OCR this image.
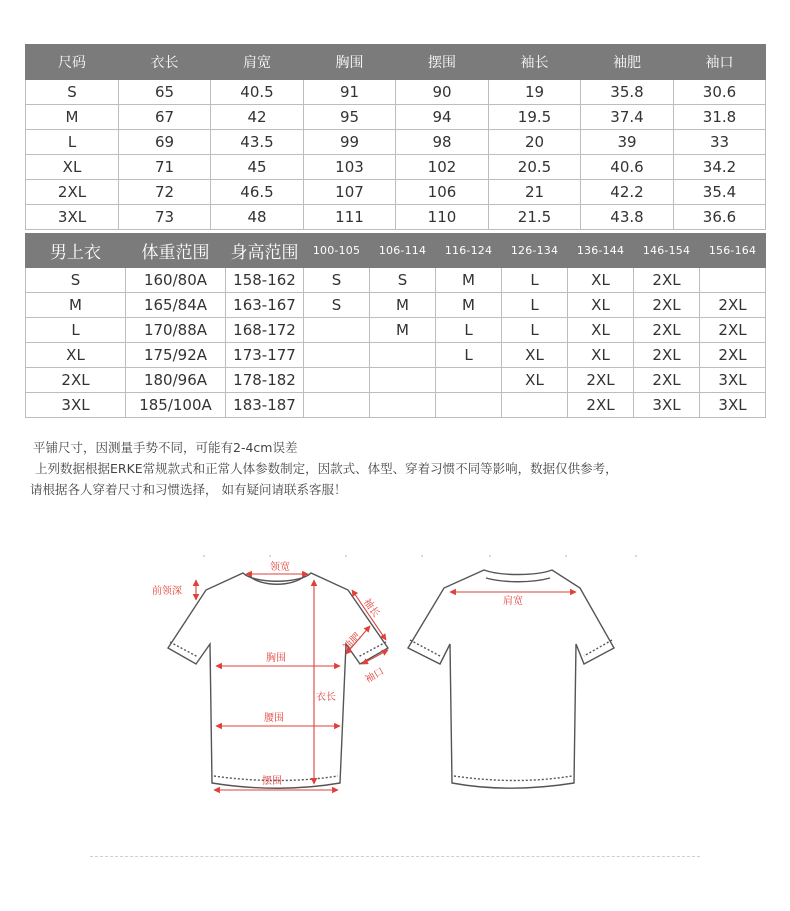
尺码	衣长	肩宽	胸围	摆围	袖长	袖肥	袖口
S	65	40.5	91	90	19	35.8	30.6
M	67	42	95	94	19.5	37.4	31.8
L	69	43.5	99	98	20	39	33
XL	71	45	103	102	20.5	40.6	34.2
2XL	72	46.5	107	106	21	42.2	35.4
3XL	73	48	111	110	21.5	43.8	36.6
男上衣	体重范围	身高范围	100-105	106-114	116-124	126-134	136-144	146-154	156-164
S	160/80A	158-162	S	S	M	L	XL	2XL	
M	165/84A	163-167	S	M	M	L	XL	2XL	2XL
L	170/88A	168-172		M	L	L	XL	2XL	2XL
XL	175/92A	173-177			L	XL	XL	2XL	2XL
2XL	180/96A	178-182				XL	2XL	2XL	3XL
3XL	185/100A	183-187					2XL	3XL	3XL
平铺尺寸，因测量手势不同，可能有2-4cm误差
上列数据根据ERKE常规款式和正常人体参数制定，因款式、体型、穿着习惯不同等影响，数据仅供参考，
请根据各人穿着尺寸和习惯选择， 如有疑问请联系客服！
领宽
前领深
袖长
袖肥
袖口
胸围
衣长
腰围
摆围
肩宽
